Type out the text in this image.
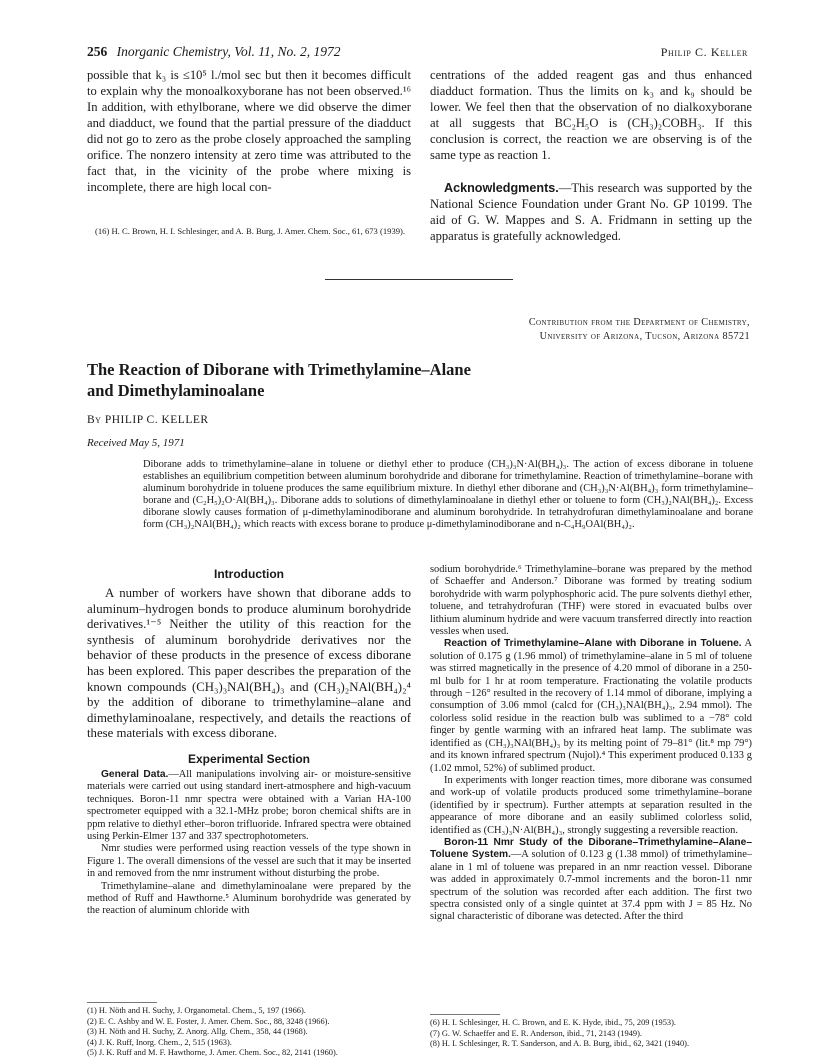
256 Inorganic Chemistry, Vol. 11, No. 2, 1972	Philip C. Keller
possible that k₃ is ≤10⁵ l./mol sec but then it becomes difficult to explain why the monoalkoxyborane has not been observed.¹⁶ In addition, with ethylborane, where we did observe the dimer and diadduct, we found that the partial pressure of the diadduct did not go to zero as the probe closely approached the sampling orifice. The nonzero intensity at zero time was attributed to the fact that, in the vicinity of the probe where mixing is incomplete, there are high local con-
(16) H. C. Brown, H. I. Schlesinger, and A. B. Burg, J. Amer. Chem. Soc., 61, 673 (1939).
centrations of the added reagent gas and thus enhanced diadduct formation. Thus the limits on k₃ and k₉ should be lower. We feel then that the observation of no dialkoxyborane at all suggests that BC₂H₅O is (CH₃)₂COBH₃. If this conclusion is correct, the reaction we are observing is of the same type as reaction 1.
Acknowledgments.—This research was supported by the National Science Foundation under Grant No. GP 10199. The aid of G. W. Mappes and S. A. Fridmann in setting up the apparatus is gratefully acknowledged.
Contribution from the Department of Chemistry,
University of Arizona, Tucson, Arizona 85721
The Reaction of Diborane with Trimethylamine–Alane
and Dimethylaminoalane
By PHILIP C. KELLER
Received May 5, 1971
Diborane adds to trimethylamine–alane in toluene or diethyl ether to produce (CH₃)₃N·Al(BH₄)₃. The action of excess diborane in toluene establishes an equilibrium competition between aluminum borohydride and diborane for trimethylamine. Reaction of trimethylamine–borane with aluminum borohydride in toluene produces the same equilibrium mixture. In diethyl ether diborane and (CH₃)₃N·Al(BH₄)₃ form trimethylamine–borane and (C₂H₅)₂O·Al(BH₄)₃. Diborane adds to solutions of dimethylaminoalane in diethyl ether or toluene to form (CH₃)₂NAl(BH₄)₂. Excess diborane slowly causes formation of μ-dimethylaminodiborane and aluminum borohydride. In tetrahydrofuran dimethylaminoalane and borane form (CH₃)₂NAl(BH₄)₂ which reacts with excess borane to produce μ-dimethylaminodiborane and n-C₄H₉OAl(BH₄)₂.
Introduction
A number of workers have shown that diborane adds to aluminum–hydrogen bonds to produce aluminum borohydride derivatives.¹⁻⁵ Neither the utility of this reaction for the synthesis of aluminum borohydride derivatives nor the behavior of these products in the presence of excess diborane has been explored. This paper describes the preparation of the known compounds (CH₃)₃NAl(BH₄)₃ and (CH₃)₂NAl(BH₄)₂⁴ by the addition of diborane to trimethylamine–alane and dimethylaminoalane, respectively, and details the reactions of these materials with excess diborane.
Experimental Section

General Data.—All manipulations involving air- or moisture-sensitive materials were carried out using standard inert-atmosphere and high-vacuum techniques. Boron-11 nmr spectra were obtained with a Varian HA-100 spectrometer equipped with a 32.1-MHz probe; boron chemical shifts are in ppm relative to diethyl ether–boron trifluoride. Infrared spectra were obtained using Perkin-Elmer 137 and 337 spectrophotometers.

Nmr studies were performed using reaction vessels of the type shown in Figure 1. The overall dimensions of the vessel are such that it may be inserted in and removed from the nmr instrument without disturbing the probe.

Trimethylamine–alane and dimethylaminoalane were prepared by the method of Ruff and Hawthorne.⁵ Aluminum borohydride was generated by the reaction of aluminum chloride with

(1) H. Nöth and H. Suchy, J. Organometal. Chem., 5, 197 (1966).
(2) E. C. Ashby and W. E. Foster, J. Amer. Chem. Soc., 88, 3248 (1966).
(3) H. Nöth and H. Suchy, Z. Anorg. Allg. Chem., 358, 44 (1968).
(4) J. K. Ruff, Inorg. Chem., 2, 515 (1963).
(5) J. K. Ruff and M. F. Hawthorne, J. Amer. Chem. Soc., 82, 2141 (1960).

sodium borohydride.⁶ Trimethylamine–borane was prepared by the method of Schaeffer and Anderson.⁷ Diborane was formed by treating sodium borohydride with warm polyphosphoric acid. The pure solvents diethyl ether, toluene, and tetrahydrofuran (THF) were stored in evacuated bulbs over lithium aluminum hydride and were vacuum transferred directly into reaction vessles when used.

Reaction of Trimethylamine–Alane with Diborane in Toluene. A solution of 0.175 g (1.96 mmol) of trimethylamine–alane in 5 ml of toluene was stirred magnetically in the presence of 4.20 mmol of diborane in a 250-ml bulb for 1 hr at room temperature. Fractionating the volatile products through −126° resulted in the recovery of 1.14 mmol of diborane, implying a consumption of 3.06 mmol (calcd for (CH₃)₃NAl(BH₄)₃, 2.94 mmol). The colorless solid residue in the reaction bulb was sublimed to a −78° cold finger by gentle warming with an infrared heat lamp. The sublimate was identified as (CH₃)₃NAl(BH₄)₃ by its melting point of 79–81° (lit.⁸ mp 79°) and its known infrared spectrum (Nujol).⁴ This experiment produced 0.133 g (1.02 mmol, 52%) of sublimed product.

In experiments with longer reaction times, more diborane was consumed and work-up of volatile products produced some trimethylamine–borane (identified by ir spectrum). Further attempts at separation resulted in the appearance of more diborane and an easily sublimed colorless solid, identified as (CH₃)₃N·Al(BH₄)₃, strongly suggesting a reversible reaction.

Boron-11 Nmr Study of the Diborane–Trimethylamine–Alane–Toluene System.—A solution of 0.123 g (1.38 mmol) of trimethylamine–alane in 1 ml of toluene was prepared in an nmr reaction vessel. Diborane was added in approximately 0.7-mmol increments and the boron-11 nmr spectrum of the solution was recorded after each addition. The first two spectra consisted only of a single quintet at 37.4 ppm with J = 85 Hz. No signal characteristic of diborane was detected. After the third

(6) H. I. Schlesinger, H. C. Brown, and E. K. Hyde, ibid., 75, 209 (1953).
(7) G. W. Schaeffer and E. R. Anderson, ibid., 71, 2143 (1949).
(8) H. I. Schlesinger, R. T. Sanderson, and A. B. Burg, ibid., 62, 3421 (1940).
